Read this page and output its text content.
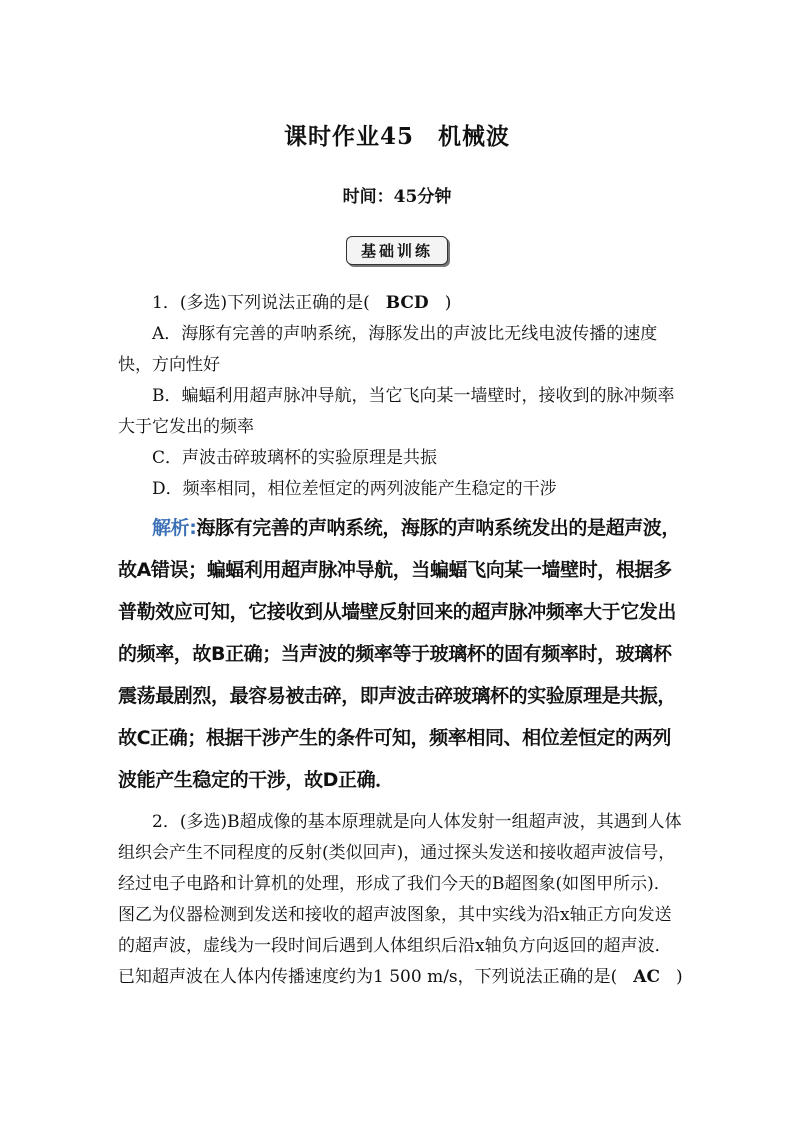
课时作业45　机械波
时间：45分钟
基础训练

1．(多选)下列说法正确的是( BCD )

A．海豚有完善的声呐系统，海豚发出的声波比无线电波传播的速度快，方向性好

B．蝙蝠利用超声脉冲导航，当它飞向某一墙壁时，接收到的脉冲频率大于它发出的频率

C．声波击碎玻璃杯的实验原理是共振

D．频率相同，相位差恒定的两列波能产生稳定的干涉

解析:海豚有完善的声呐系统，海豚的声呐系统发出的是超声波，故A错误；蝙蝠利用超声脉冲导航，当蝙蝠飞向某一墙壁时，根据多普勒效应可知，它接收到从墙壁反射回来的超声脉冲频率大于它发出的频率，故B正确；当声波的频率等于玻璃杯的固有频率时，玻璃杯震荡最剧烈，最容易被击碎，即声波击碎玻璃杯的实验原理是共振，故C正确；根据干涉产生的条件可知，频率相同、相位差恒定的两列波能产生稳定的干涉，故D正确．

2．(多选)B超成像的基本原理就是向人体发射一组超声波，其遇到人体组织会产生不同程度的反射(类似回声)，通过探头发送和接收超声波信号，经过电子电路和计算机的处理，形成了我们今天的B超图象(如图甲所示)．图乙为仪器检测到发送和接收的超声波图象，其中实线为沿x轴正方向发送的超声波，虚线为一段时间后遇到人体组织后沿x轴负方向返回的超声波．已知超声波在人体内传播速度约为1 500 m/s，下列说法正确的是( AC )
